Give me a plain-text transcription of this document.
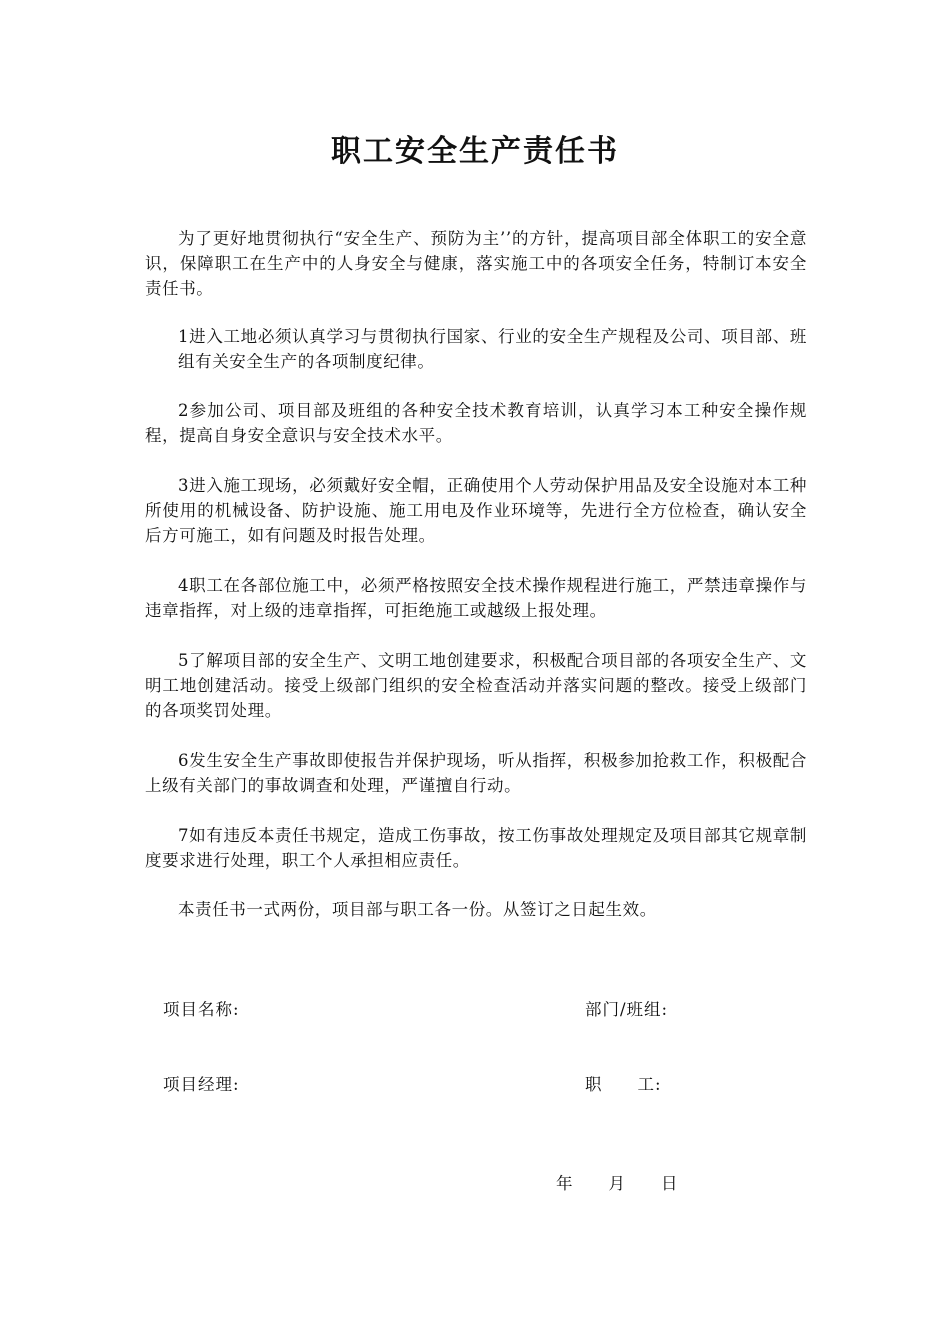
职工安全生产责任书
为了更好地贯彻执行“安全生产、预防为主’’的方针，提高项目部全体职工的安全意识，保障职工在生产中的人身安全与健康，落实施工中的各项安全任务，特制订本安全责任书。
1进入工地必须认真学习与贯彻执行国家、行业的安全生产规程及公司、项目部、班组有关安全生产的各项制度纪律。
2参加公司、项目部及班组的各种安全技术教育培训，认真学习本工种安全操作规程，提高自身安全意识与安全技术水平。
3进入施工现场，必须戴好安全帽，正确使用个人劳动保护用品及安全设施对本工种所使用的机械设备、防护设施、施工用电及作业环境等，先进行全方位检查，确认安全后方可施工，如有问题及时报告处理。
4职工在各部位施工中，必须严格按照安全技术操作规程进行施工，严禁违章操作与违章指挥，对上级的违章指挥，可拒绝施工或越级上报处理。
5了解项目部的安全生产、文明工地创建要求，积极配合项目部的各项安全生产、文明工地创建活动。接受上级部门组织的安全检查活动并落实问题的整改。接受上级部门的各项奖罚处理。
6发生安全生产事故即使报告并保护现场，听从指挥，积极参加抢救工作，积极配合上级有关部门的事故调查和处理，严谨擅自行动。
7如有违反本责任书规定，造成工伤事故，按工伤事故处理规定及项目部其它规章制度要求进行处理，职工个人承担相应责任。
本责任书一式两份，项目部与职工各一份。从签订之日起生效。
项目名称:	部门/班组:
项目经理:	职　　工:
年　　月　　日
